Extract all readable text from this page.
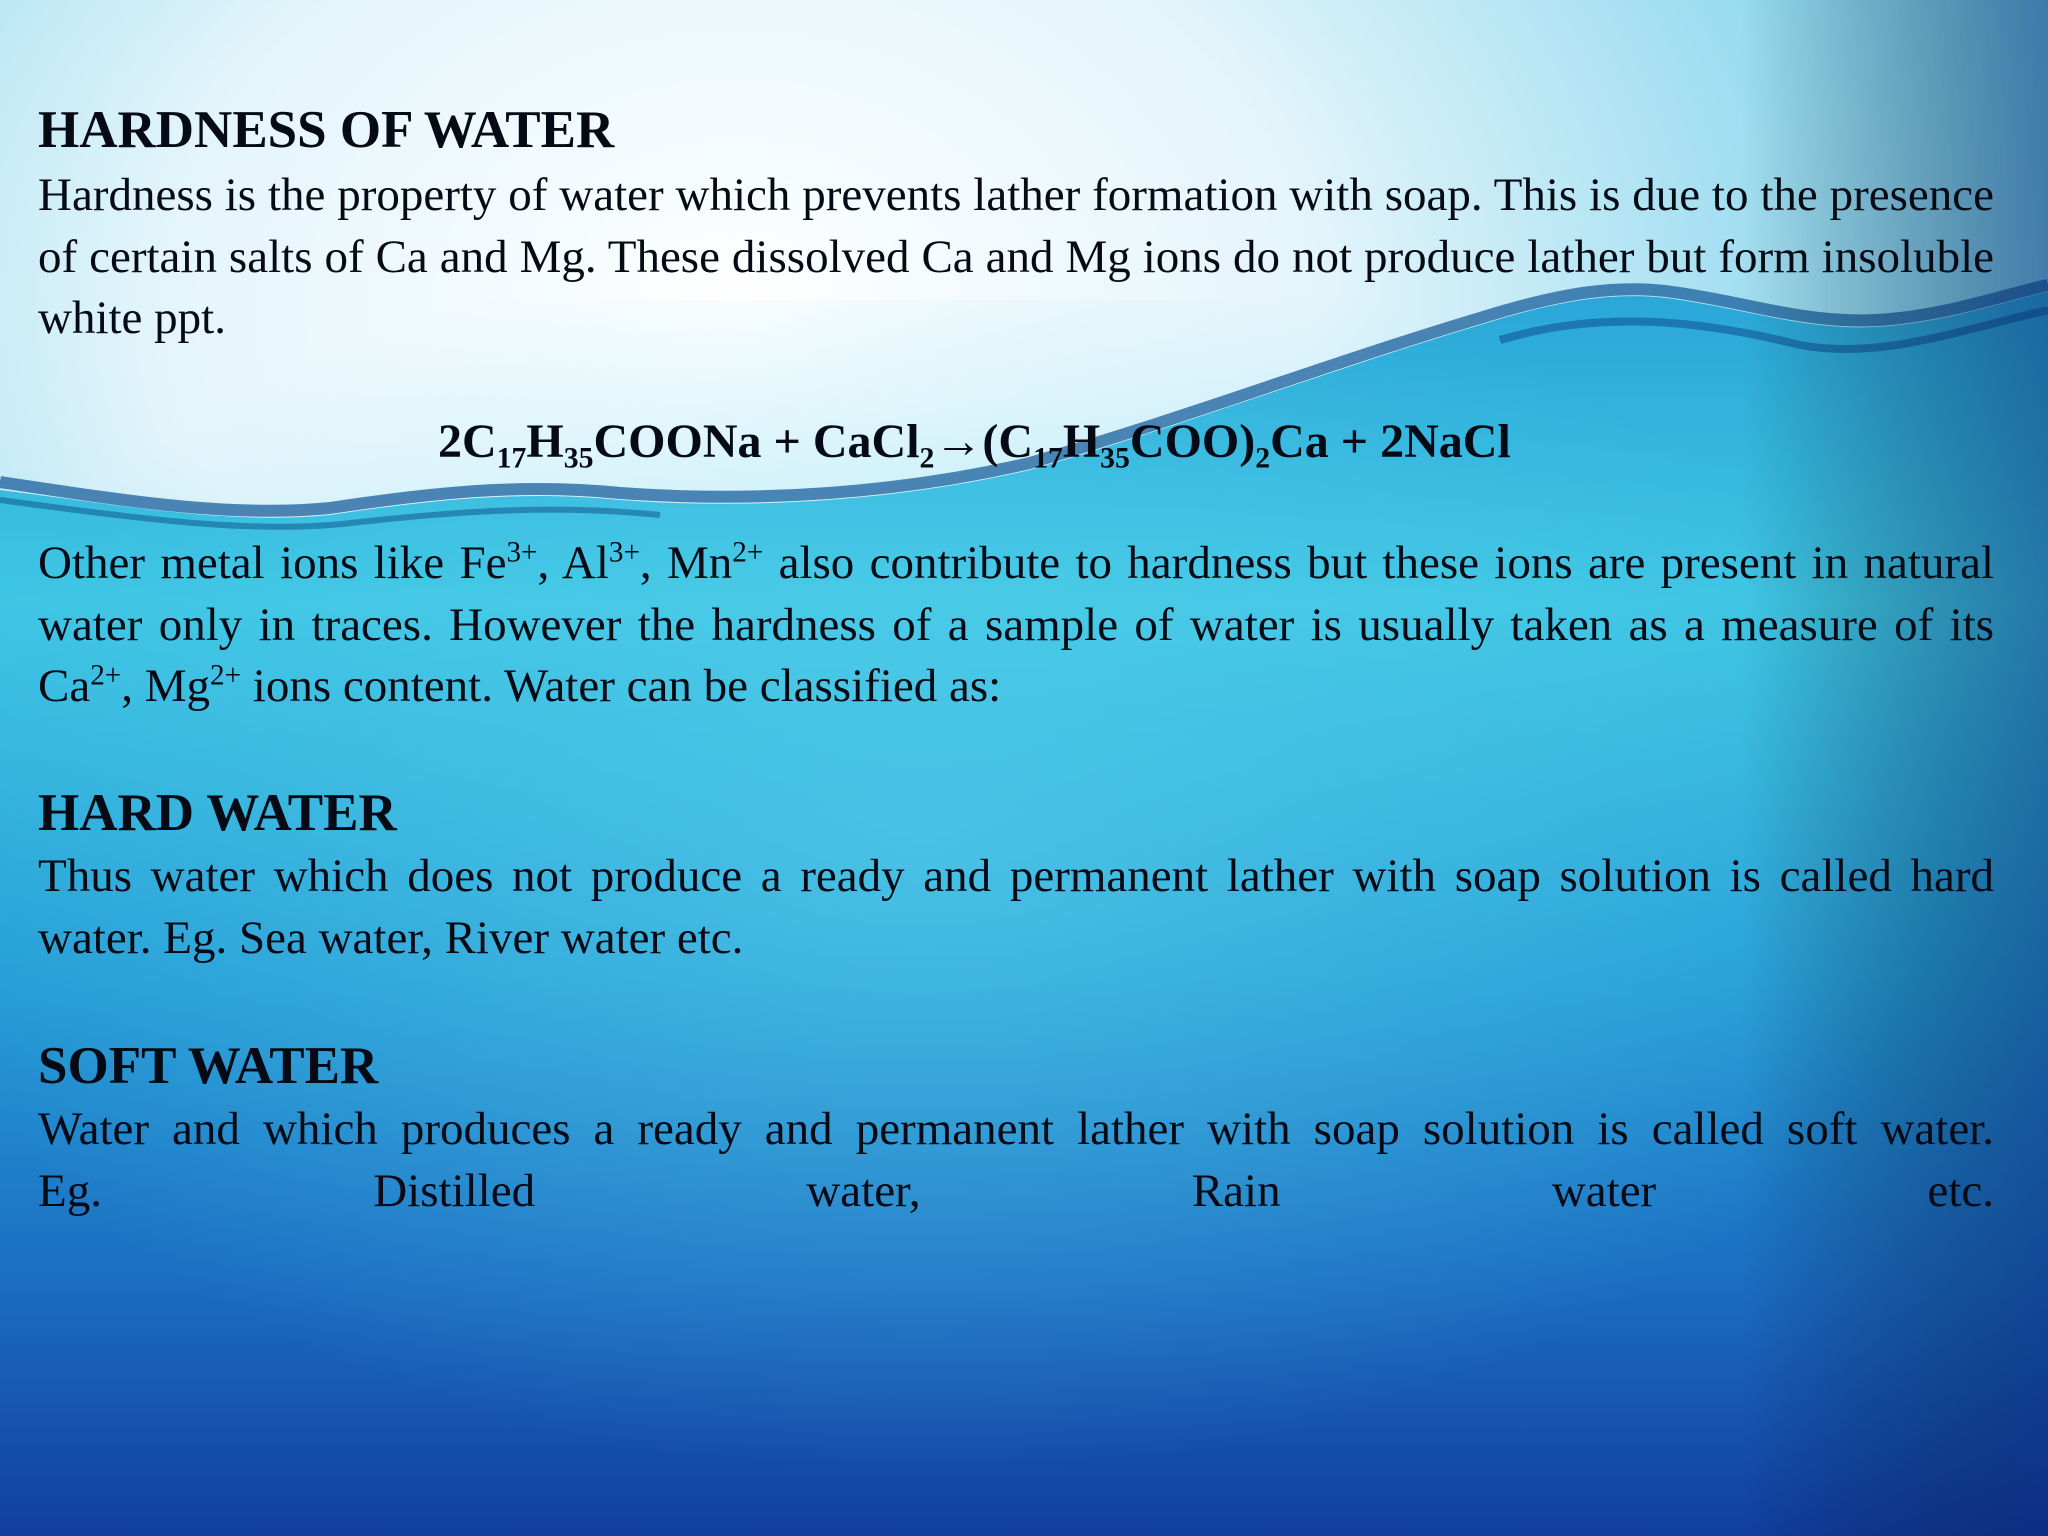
HARDNESS OF WATER

Hardness is the property of water which prevents lather formation with soap. This is due to the presence of certain salts of Ca and Mg. These dissolved Ca and Mg ions do not produce lather but form insoluble white ppt.

$2C_{17}H_{35}COONa$ + $CaCl_2\to(C_{17}H_{35}COO)_2Ca$ + 2NaCl

Other metal ions like $Fe^{3+}$, $Al^{3+}$, $Mn^{2+}$ also contribute to hardness but these ions are present in natural water only in traces. However the hardness of a sample of water is usually taken as a measure of its $Ca^{2+}$, $Mg^{2+}$ ions content. Water can be classified as:

HARD WATER

Thus water which does not produce a ready and permanent lather with soap solution is called hard water. Eg. Sea water, River water etc.

SOFT WATER

Water and which produces a ready and permanent lather with soap solution is called soft water.
Eg. Distilled water, Rain water etc.
